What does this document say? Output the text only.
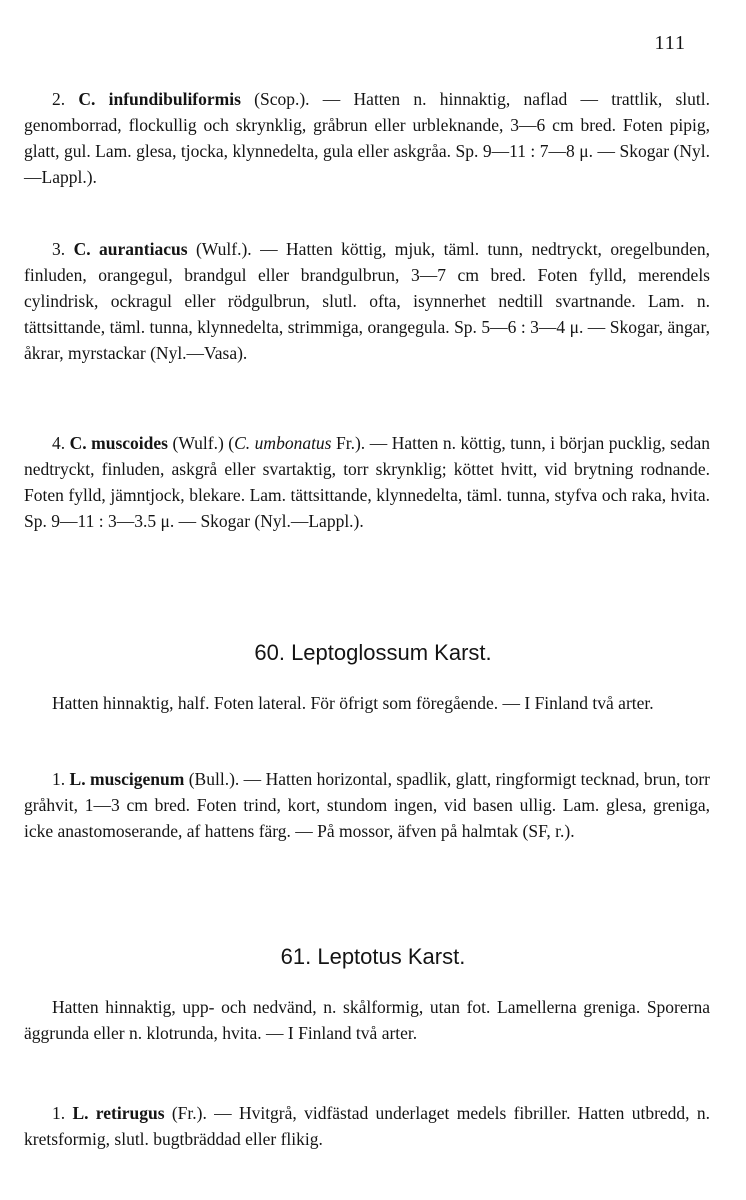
111

2. C. infundibuliformis (Scop.). — Hatten n. hinnaktig, naflad — trattlik, slutl. genomborrad, flockullig och skrynklig, gråbrun eller urbleknande, 3—6 cm bred. Foten pipig, glatt, gul. Lam. glesa, tjocka, klynnedelta, gula eller askgråa. Sp. 9—11 : 7—8 μ. — Skogar (Nyl. —Lappl.).

3. C. aurantiacus (Wulf.). — Hatten köttig, mjuk, täml. tunn, nedtryckt, oregelbunden, finluden, orangegul, brandgul eller brandgulbrun, 3—7 cm bred. Foten fylld, merendels cylindrisk, ockragul eller rödgulbrun, slutl. ofta, isynnerhet nedtill svartnande. Lam. n. tättsittande, täml. tunna, klynnedelta, strimmiga, orangegula. Sp. 5—6 : 3—4 μ. — Skogar, ängar, åkrar, myrstackar (Nyl.—Vasa).

4. C. muscoides (Wulf.) (C. umbonatus Fr.). — Hatten n. köttig, tunn, i början pucklig, sedan nedtryckt, finluden, askgrå eller svartaktig, torr skrynklig; köttet hvitt, vid brytning rodnande. Foten fylld, jämntjock, blekare. Lam. tättsittande, klynnedelta, täml. tunna, styfva och raka, hvita. Sp. 9—11 : 3—3.5 μ. — Skogar (Nyl.—Lappl.).

60. Leptoglossum Karst.

Hatten hinnaktig, half. Foten lateral. För öfrigt som föregående. — I Finland två arter.

1. L. muscigenum (Bull.). — Hatten horizontal, spadlik, glatt, ringformigt tecknad, brun, torr gråhvit, 1—3 cm bred. Foten trind, kort, stundom ingen, vid basen ullig. Lam. glesa, greniga, icke anastomoserande, af hattens färg. — På mossor, äfven på halmtak (SF, r.).

61. Leptotus Karst.

Hatten hinnaktig, upp- och nedvänd, n. skålformig, utan fot. Lamellerna greniga. Sporerna äggrunda eller n. klotrunda, hvita. — I Finland två arter.

1. L. retirugus (Fr.). — Hvitgrå, vidfästad underlaget medels fibriller. Hatten utbredd, n. kretsformig, slutl. bugtbräddad eller flikig.
